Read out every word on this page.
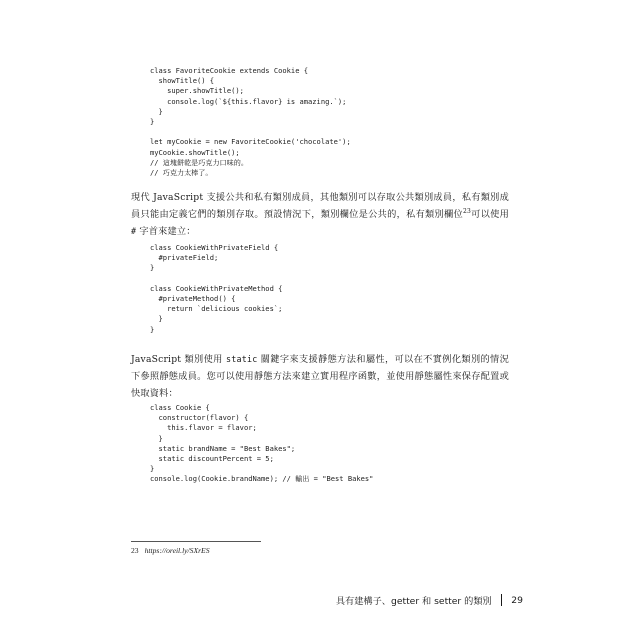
class FavoriteCookie extends Cookie {
showTitle() {
super.showTitle();
console.log(`${this.flavor} is amazing.`);
}
}

let myCookie = new FavoriteCookie('chocolate');
myCookie.showTitle();
// 這塊餅乾是巧克力口味的。
// 巧克力太棒了。

現代 JavaScript 支援公共和私有類別成員，其他類別可以存取公共類別成員，私有類別成員只能由定義它們的類別存取。預設情況下，類別欄位是公共的，私有類別欄位$^{23}$可以使用 # 字首來建立：

class CookieWithPrivateField {
#privateField;
}

class CookieWithPrivateMethod {
#privateMethod() {
return `delicious cookies`;
}
}

JavaScript 類別使用 static 關鍵字來支援靜態方法和屬性，可以在不實例化類別的情況下參照靜態成員。您可以使用靜態方法來建立實用程序函數，並使用靜態屬性來保存配置或快取資料：

class Cookie {
constructor(flavor) {
this.flavor = flavor;
}
static brandName = "Best Bakes";
static discountPercent = 5;
}
console.log(Cookie.brandName); // 輸出 = "Best Bakes"
23 https://oreil.ly/SXrES
具有建構子、getter 和 setter 的類別 29
